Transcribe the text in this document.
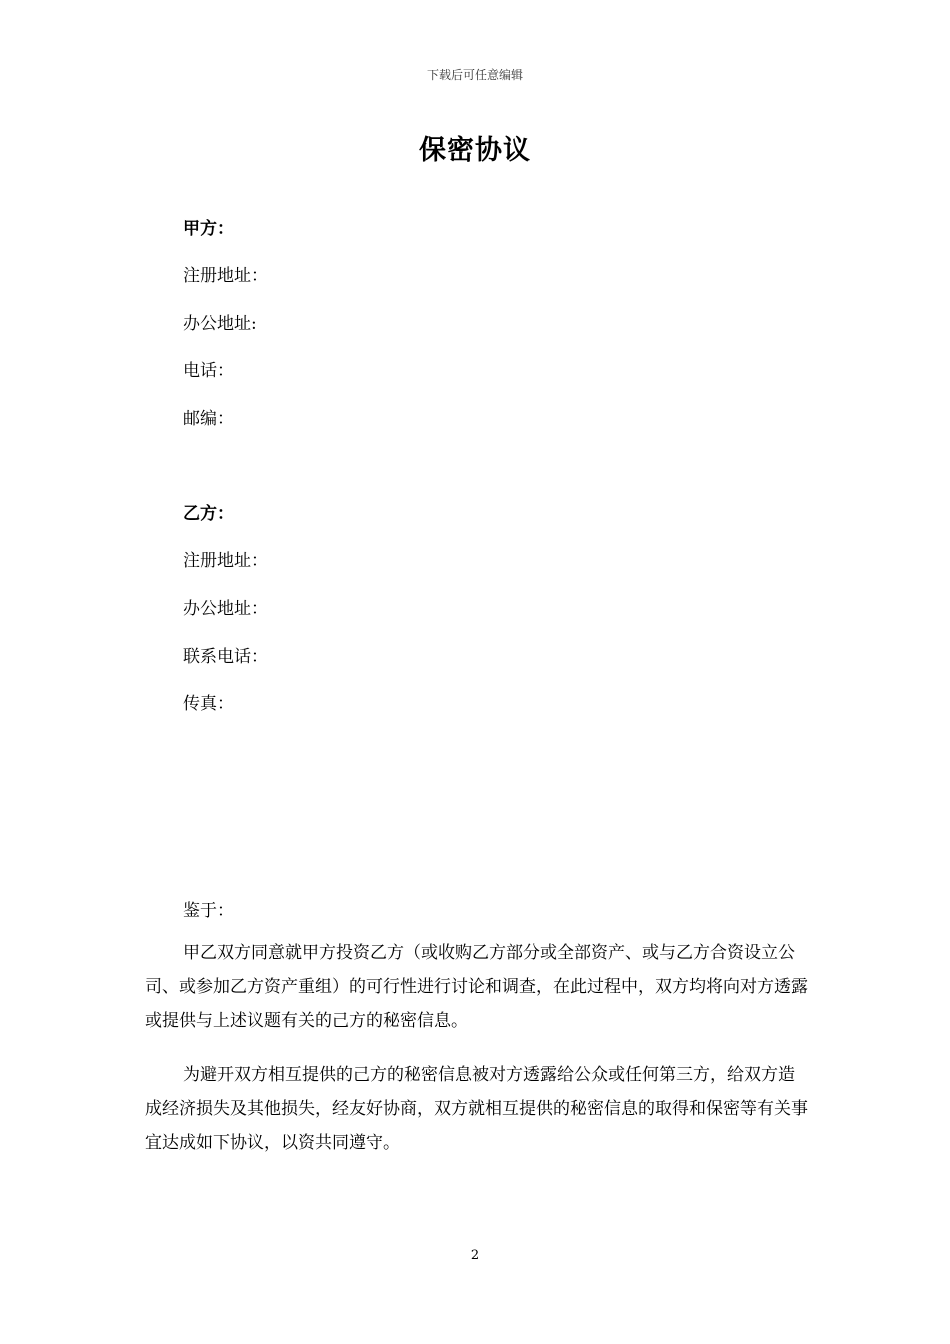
下载后可任意编辑
保密协议
甲方：
注册地址：
办公地址:
电话：
邮编：
乙方：
注册地址：
办公地址：
联系电话：
传真：
鉴于：
甲乙双方同意就甲方投资乙方（或收购乙方部分或全部资产、或与乙方合资设立公司、或参加乙方资产重组）的可行性进行讨论和调查，在此过程中，双方均将向对方透露或提供与上述议题有关的己方的秘密信息。
为避开双方相互提供的己方的秘密信息被对方透露给公众或任何第三方，给双方造成经济损失及其他损失，经友好协商，双方就相互提供的秘密信息的取得和保密等有关事宜达成如下协议，以资共同遵守。
2
